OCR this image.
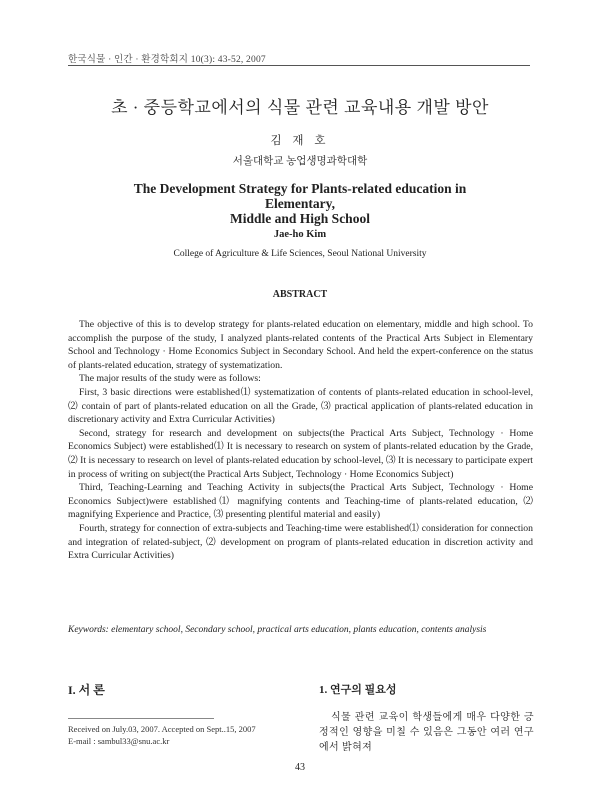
한국식물 · 인간 · 환경학회지 10(3): 43-52, 2007
초 · 중등학교에서의 식물 관련 교육내용 개발 방안
김 재 호
서울대학교 농업생명과학대학
The Development Strategy for Plants-related education in Elementary,
Middle and High School
Jae-ho Kim
College of Agriculture & Life Sciences, Seoul National University
ABSTRACT

The objective of this is to develop strategy for plants-related education on elementary, middle and high school. To accomplish the purpose of the study, I analyzed plants-related contents of the Practical Arts Subject in Elementary School and Technology · Home Economics Subject in Secondary School. And held the expert-conference on the status of plants-related education, strategy of systematization.

The major results of the study were as follows:

First, 3 basic directions were established⑴ systematization of contents of plants-related education in school-level, ⑵ contain of part of plants-related education on all the Grade, ⑶ practical application of plants-related education in discretionary activity and Extra Curricular Activities)

Second, strategy for research and development on subjects(the Practical Arts Subject, Technology · Home Economics Subject) were established⑴ It is necessary to research on system of plants-related education by the Grade, ⑵ It is necessary to research on level of plants-related education by school-level, ⑶ It is necessary to participate expert in process of writing on subject(the Practical Arts Subject, Technology · Home Economics Subject)

Third, Teaching-Learning and Teaching Activity in subjects(the Practical Arts Subject, Technology · Home Economics Subject)were established⑴ magnifying contents and Teaching-time of plants-related education, ⑵ magnifying Experience and Practice, ⑶ presenting plentiful material and easily)

Fourth, strategy for connection of extra-subjects and Teaching-time were established⑴ consideration for connection and integration of related-subject, ⑵ development on program of plants-related education in discretion activity and Extra Curricular Activities)

Keywords: elementary school, Secondary school, practical arts education, plants education, contents analysis
I. 서 론
Received on July.03, 2007. Accepted on Sept..15, 2007
E-mail : sambul33@snu.ac.kr
1. 연구의 필요성

식물 관련 교육이 학생들에게 매우 다양한 긍정적인 영향을 미칠 수 있음은 그동안 여러 연구에서 밝혀져

43
